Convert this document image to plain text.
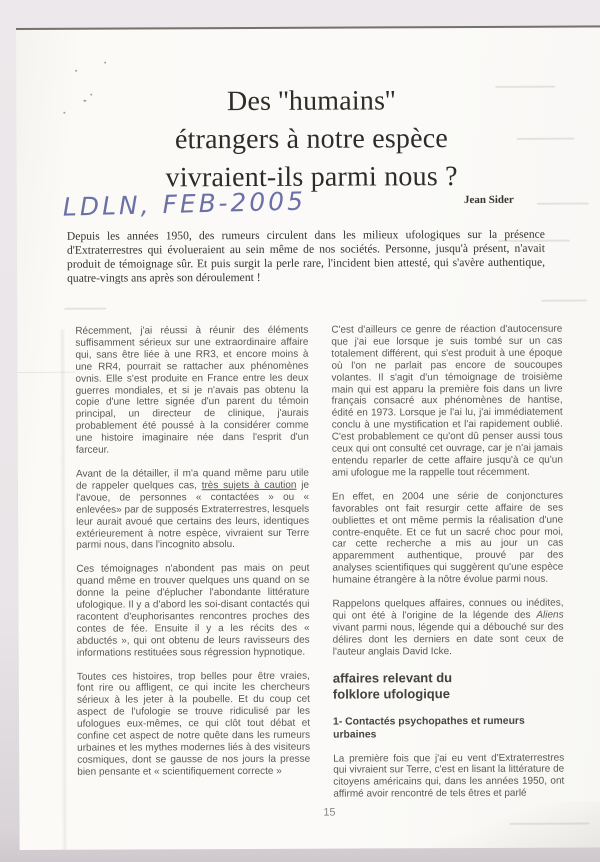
Des ''humains''
étrangers à notre espèce
vivraient-ils parmi nous ?
LDLN, FEB-2005	Jean Sider
Depuis les années 1950, des rumeurs circulent dans les milieux ufologiques sur la présence d'Extraterrestres qui évolueraient au sein même de nos sociétés. Personne, jusqu'à présent, n'avait produit de témoignage sûr. Et puis surgit la perle rare, l'incident bien attesté, qui s'avère authentique, quatre-vingts ans après son déroulement !

Récemment, j'ai réussi à réunir des éléments suffisamment sérieux sur une extraordinaire affaire qui, sans être liée à une RR3, et encore moins à une RR4, pourrait se rattacher aux phénomènes ovnis. Elle s'est produite en France entre les deux guerres mondiales, et si je n'avais pas obtenu la copie d'une lettre signée d'un parent du témoin principal, un directeur de clinique, j'aurais probablement été poussé à la considérer comme une histoire imaginaire née dans l'esprit d'un farceur.

Avant de la détailler, il m'a quand même paru utile de rappeler quelques cas, très sujets à caution je l'avoue, de personnes « contactées » ou « enlevées» par de supposés Extraterrestres, lesquels leur aurait avoué que certains des leurs, identiques extérieurement à notre espèce, vivraient sur Terre parmi nous, dans l'incognito absolu.

Ces témoignages n'abondent pas mais on peut quand même en trouver quelques uns quand on se donne la peine d'éplucher l'abondante littérature ufologique. Il y a d'abord les soi-disant contactés qui racontent d'euphorisantes rencontres proches des contes de fée. Ensuite il y a les récits des « abductés », qui ont obtenu de leurs ravisseurs des informations restituées sous régression hypnotique.

Toutes ces histoires, trop belles pour être vraies, font rire ou affligent, ce qui incite les chercheurs sérieux à les jeter à la poubelle. Et du coup cet aspect de l'ufologie se trouve ridiculisé par les ufologues eux-mêmes, ce qui clôt tout débat et confine cet aspect de notre quête dans les rumeurs urbaines et les mythes modernes liés à des visiteurs cosmiques, dont se gausse de nos jours la presse bien pensante et « scientifiquement correcte »

C'est d'ailleurs ce genre de réaction d'autocensure que j'ai eue lorsque je suis tombé sur un cas totalement différent, qui s'est produit à une époque où l'on ne parlait pas encore de soucoupes volantes. Il s'agit d'un témoignage de troisième main qui est apparu la première fois dans un livre français consacré aux phénomènes de hantise, édité en 1973. Lorsque je l'ai lu, j'ai immédiatement conclu à une mystification et l'ai rapidement oublié. C'est probablement ce qu'ont dû penser aussi tous ceux qui ont consulté cet ouvrage, car je n'ai jamais entendu reparler de cette affaire jusqu'à ce qu'un ami ufologue me la rappelle tout récemment.

En effet, en 2004 une série de conjonctures favorables ont fait resurgir cette affaire de ses oubliettes et ont même permis la réalisation d'une contre-enquête. Et ce fut un sacré choc pour moi, car cette recherche a mis au jour un cas apparemment authentique, prouvé par des analyses scientifiques qui suggèrent qu'une espèce humaine étrangère à la nôtre évolue parmi nous.

Rappelons quelques affaires, connues ou inédites, qui ont été à l'origine de la légende des Aliens vivant parmi nous, légende qui a débouché sur des délires dont les derniers en date sont ceux de l'auteur anglais David Icke.

affaires relevant du
folklore ufologique
1- Contactés psychopathes et rumeurs urbaines

La première fois que j'ai eu vent d'Extraterrestres qui vivraient sur Terre, c'est en lisant la littérature de citoyens américains qui, dans les années 1950, ont affirmé avoir rencontré de tels êtres et parlé

15
